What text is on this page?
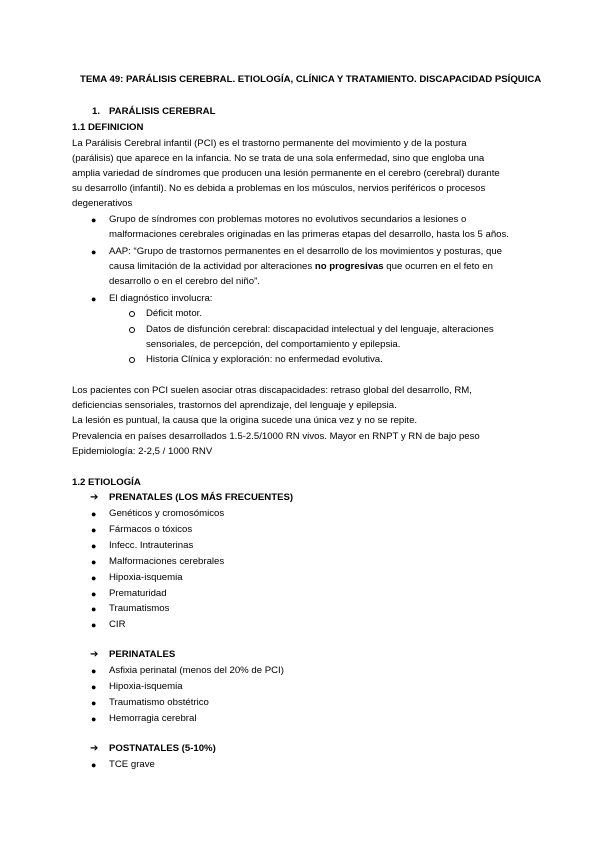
TEMA 49: PARÁLISIS CEREBRAL. ETIOLOGÍA, CLÍNICA Y TRATAMIENTO. DISCAPACIDAD PSÍQUICA
1. PARÁLISIS CEREBRAL
1.1 DEFINICION
La Parálisis Cerebral infantil (PCI) es el trastorno permanente del movimiento y de la postura
(parálisis) que aparece en la infancia. No se trata de una sola enfermedad, sino que engloba una
amplia variedad de síndromes que producen una lesión permanente en el cerebro (cerebral) durante
su desarrollo (infantil). No es debida a problemas en los músculos, nervios periféricos o procesos
degenerativos
● Grupo de síndromes con problemas motores no evolutivos secundarios a lesiones o
malformaciones cerebrales originadas en las primeras etapas del desarrollo, hasta los 5 años.
● AAP: “Grupo de trastornos permanentes en el desarrollo de los movimientos y posturas, que
causa limitación de la actividad por alteraciones no progresivas que ocurren en el feto en
desarrollo o en el cerebro del niño”.
● El diagnóstico involucra:
Déficit motor.
Datos de disfunción cerebral: discapacidad intelectual y del lenguaje, alteraciones
sensoriales, de percepción, del comportamiento y epilepsia.
Historia Clínica y exploración: no enfermedad evolutiva.
Los pacientes con PCI suelen asociar otras discapacidades: retraso global del desarrollo, RM,
deficiencias sensoriales, trastornos del aprendizaje, del lenguaje y epilepsia.
La lesión es puntual, la causa que la origina sucede una única vez y no se repite.
Prevalencia en países desarrollados 1.5-2.5/1000 RN vivos. Mayor en RNPT y RN de bajo peso
Epidemiología: 2-2,5 / 1000 RNV
1.2 ETIOLOGÍA
➔ PRENATALES (LOS MÁS FRECUENTES)
● Genéticos y cromosómicos
● Fármacos o tóxicos
● Infecc. Intrauterinas
● Malformaciones cerebrales
● Hipoxia-isquemia
● Prematuridad
● Traumatismos
● CIR
➔ PERINATALES
● Asfixia perinatal (menos del 20% de PCI)
● Hipoxia-isquemia
● Traumatismo obstétrico
● Hemorragia cerebral
➔ POSTNATALES (5-10%)
● TCE grave
